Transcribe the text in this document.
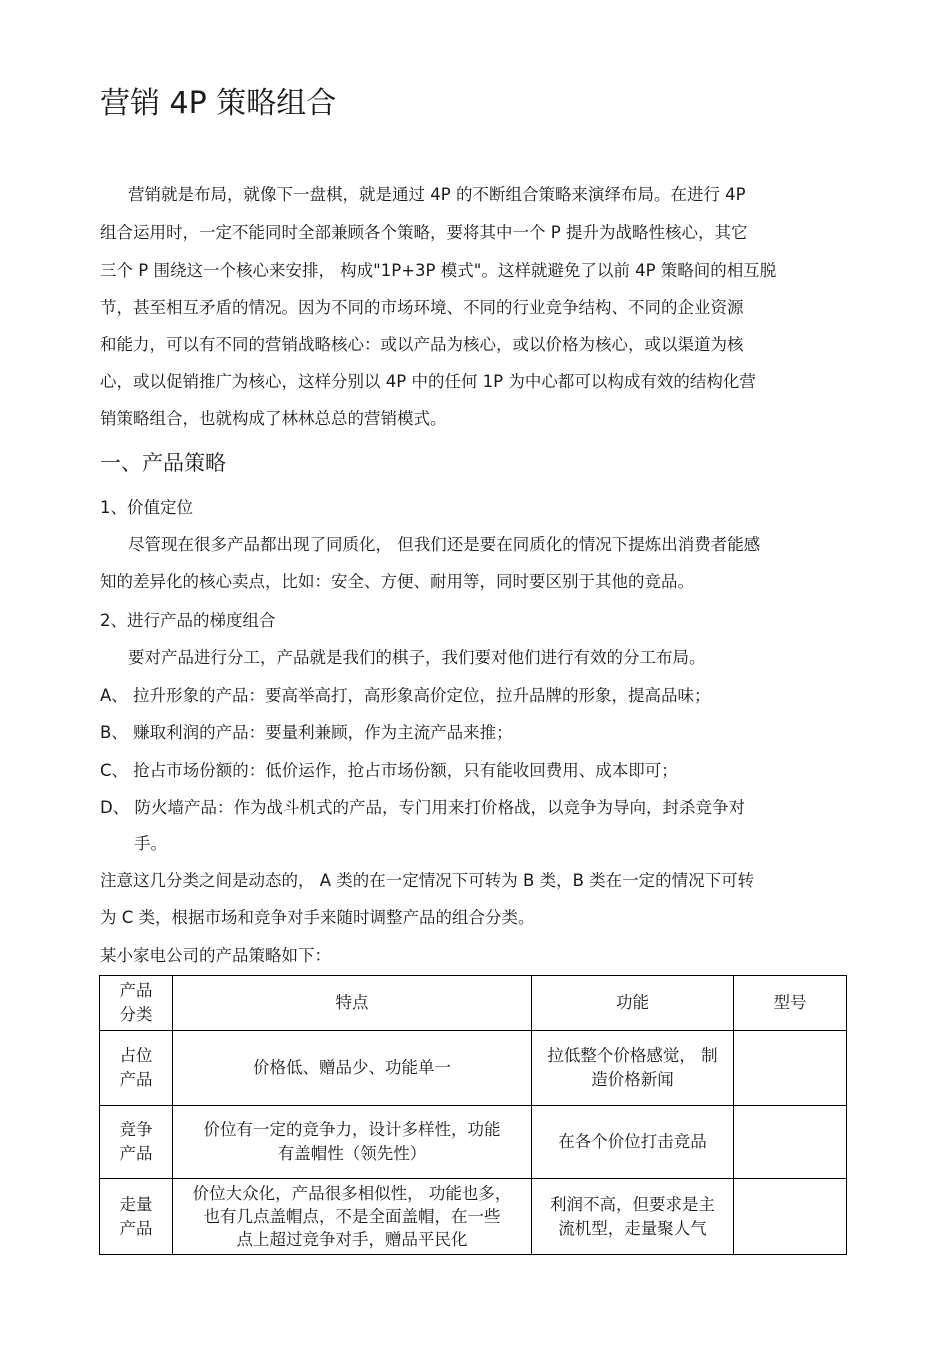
营销 4P 策略组合
营销就是布局，就像下一盘棋，就是通过 4P 的不断组合策略来演绎布局。在进行 4P
组合运用时，一定不能同时全部兼顾各个策略，要将其中一个 P 提升为战略性核心，其它
三个 P 围绕这一个核心来安排， 构成"1P+3P 模式"。这样就避免了以前 4P 策略间的相互脱
节，甚至相互矛盾的情况。因为不同的市场环境、不同的行业竞争结构、不同的企业资源
和能力，可以有不同的营销战略核心：或以产品为核心，或以价格为核心，或以渠道为核
心，或以促销推广为核心，这样分别以 4P 中的任何 1P 为中心都可以构成有效的结构化营
销策略组合，也就构成了林林总总的营销模式。
一、产品策略
1、价值定位
尽管现在很多产品都出现了同质化， 但我们还是要在同质化的情况下提炼出消费者能感
知的差异化的核心卖点，比如：安全、方便、耐用等，同时要区别于其他的竞品。
2、进行产品的梯度组合
要对产品进行分工，产品就是我们的棋子，我们要对他们进行有效的分工布局。
A、 拉升形象的产品：要高举高打，高形象高价定位，拉升品牌的形象，提高品味；
B、 赚取利润的产品：要量利兼顾，作为主流产品来推；
C、 抢占市场份额的：低价运作，抢占市场份额，只有能收回费用、成本即可；
D、 防火墙产品：作为战斗机式的产品，专门用来打价格战，以竞争为导向，封杀竞争对
手。
注意这几分类之间是动态的， A 类的在一定情况下可转为 B 类，B 类在一定的情况下可转
为 C 类，根据市场和竞争对手来随时调整产品的组合分类。
某小家电公司的产品策略如下：
产品
分类	特点	功能	型号
占位
产品	价格低、赠品少、功能单一	拉低整个价格感觉， 制
造价格新闻	
竞争
产品	价位有一定的竞争力，设计多样性，功能
有盖帽性（领先性）	在各个价位打击竞品	
走量
产品	价位大众化，产品很多相似性， 功能也多，
也有几点盖帽点，不是全面盖帽，在一些
点上超过竞争对手，赠品平民化	利润不高，但要求是主
流机型，走量聚人气	
